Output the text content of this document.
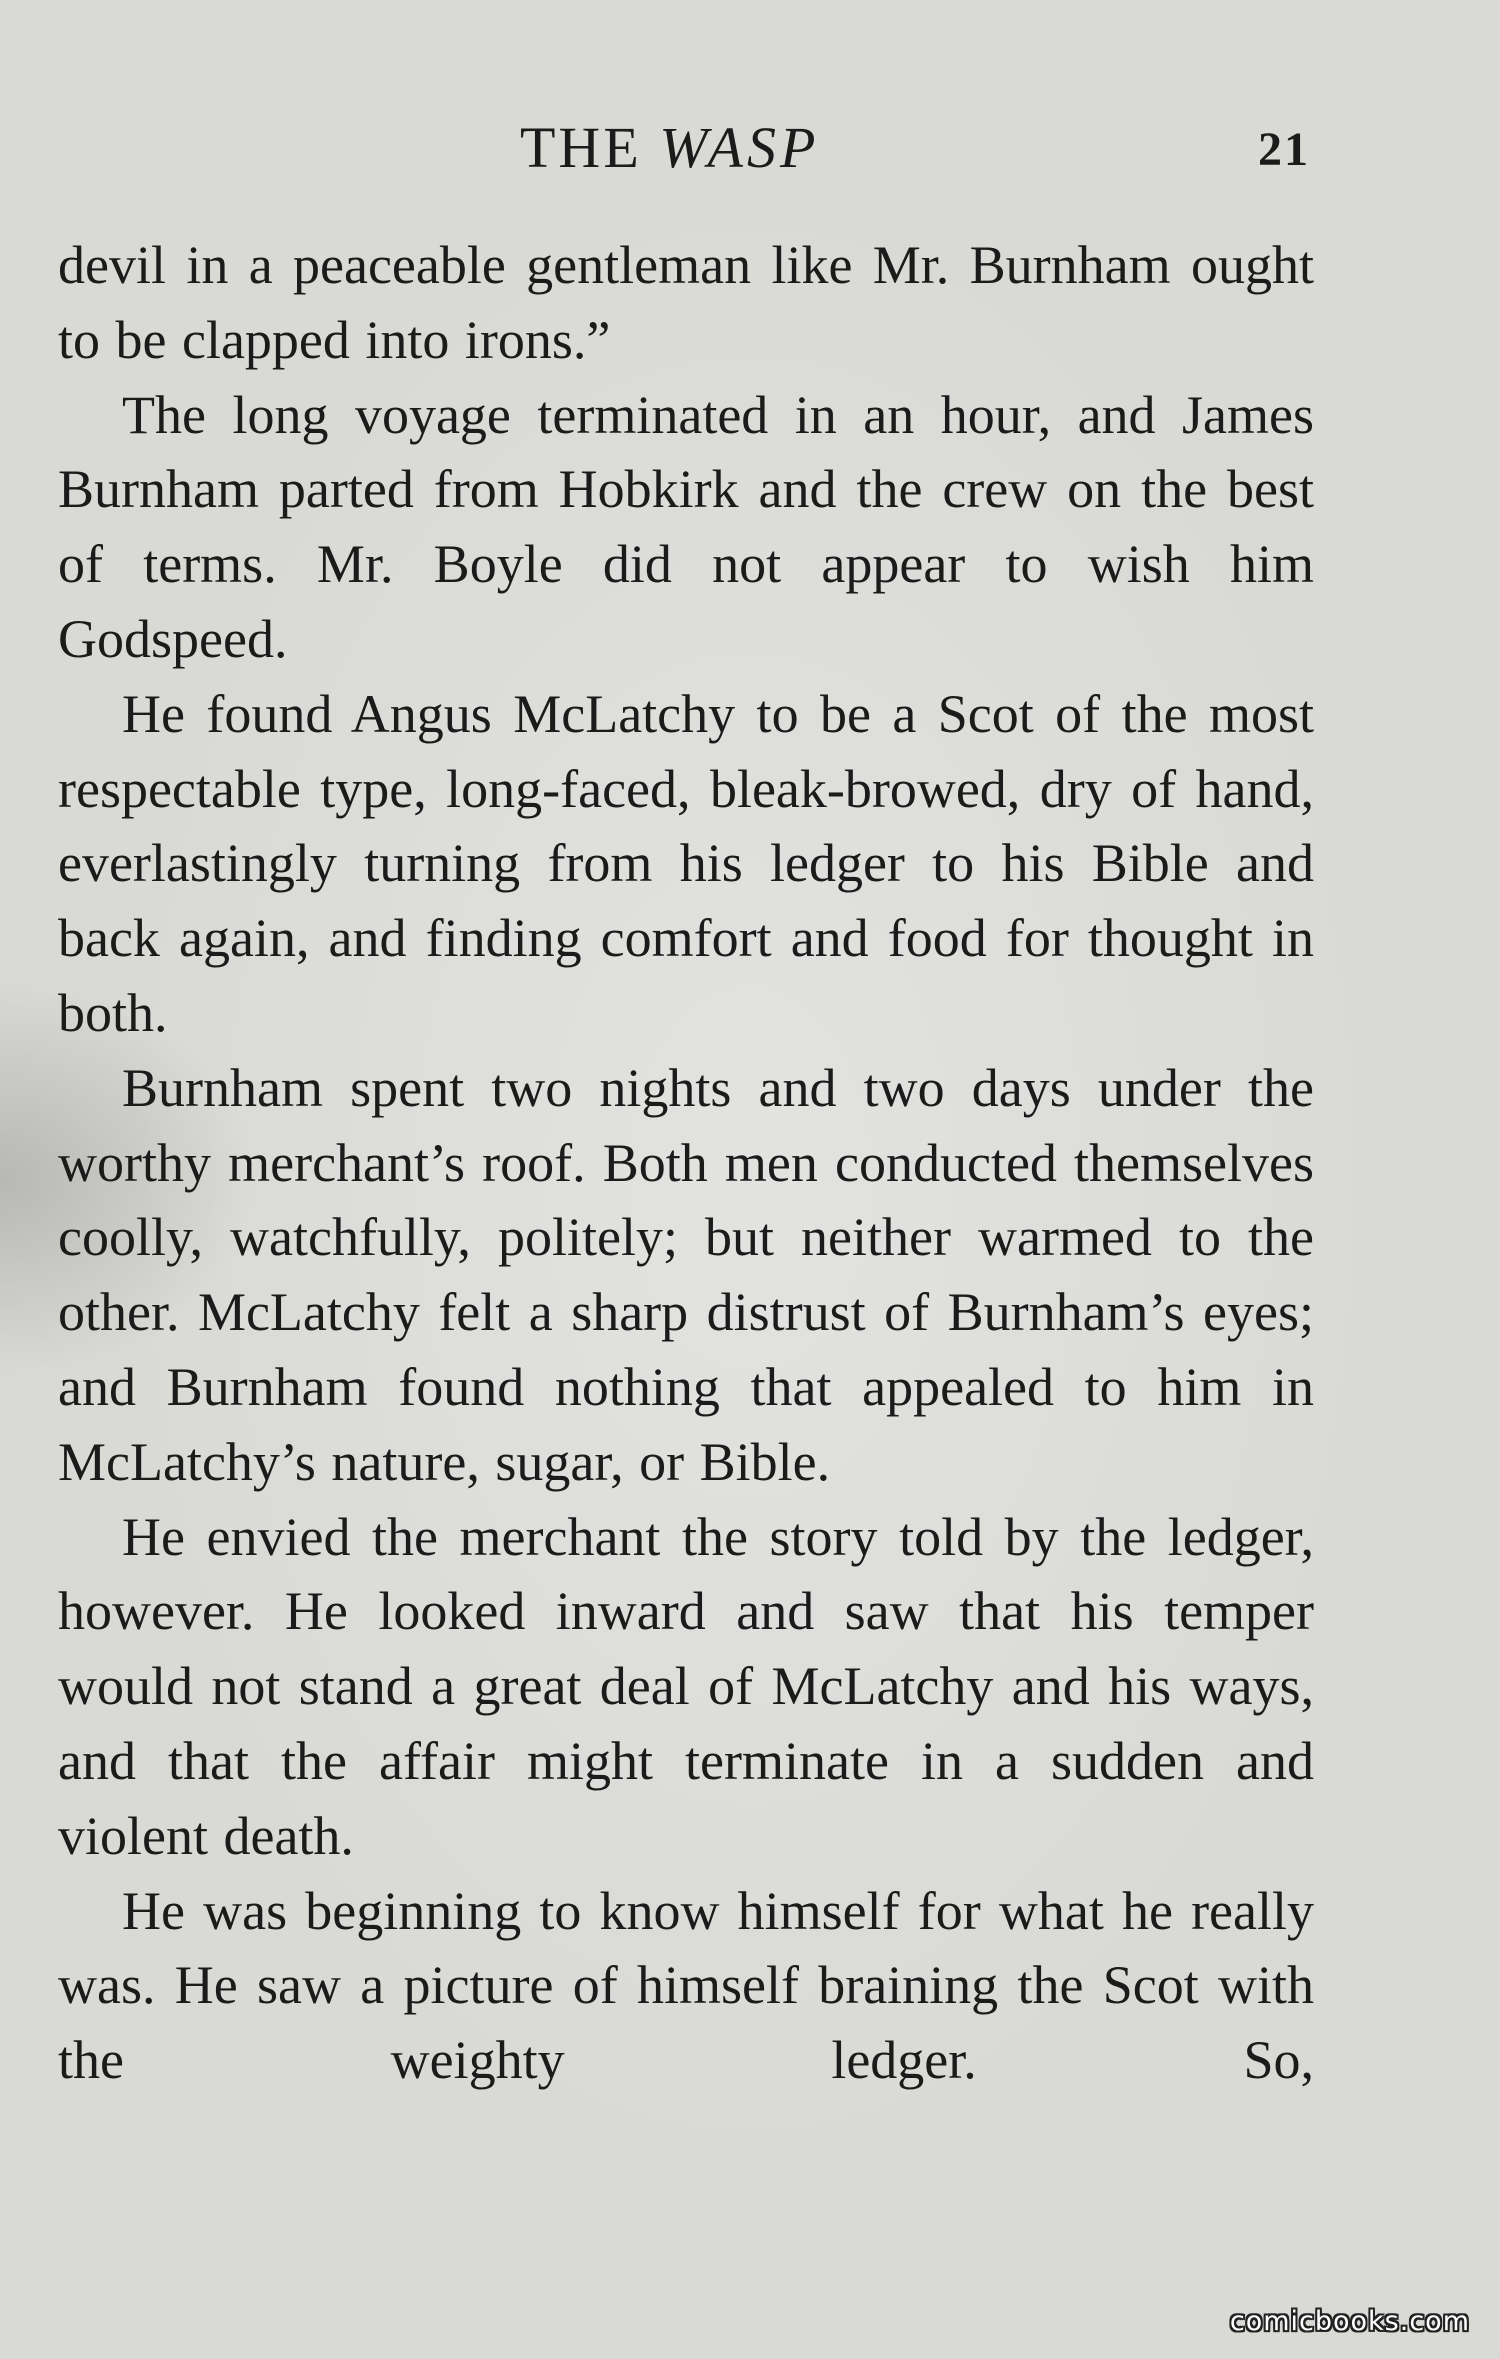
THE WASP	21

devil in a peaceable gentleman like Mr. Burnham ought to be clapped into irons.”

The long voyage terminated in an hour, and James Burnham parted from Hobkirk and the crew on the best of terms. Mr. Boyle did not appear to wish him Godspeed.

He found Angus McLatchy to be a Scot of the most respectable type, long-faced, bleak-browed, dry of hand, everlastingly turning from his ledger to his Bible and back again, and finding comfort and food for thought in both.

Burnham spent two nights and two days under the worthy merchant’s roof. Both men conducted themselves coolly, watchfully, politely; but neither warmed to the other. McLatchy felt a sharp distrust of Burnham’s eyes; and Burnham found nothing that appealed to him in McLatchy’s nature, sugar, or Bible.

He envied the merchant the story told by the ledger, however. He looked inward and saw that his temper would not stand a great deal of McLatchy and his ways, and that the affair might terminate in a sudden and violent death.

He was beginning to know himself for what he really was. He saw a picture of himself braining the Scot with the weighty ledger. So,

comicbooks.com
